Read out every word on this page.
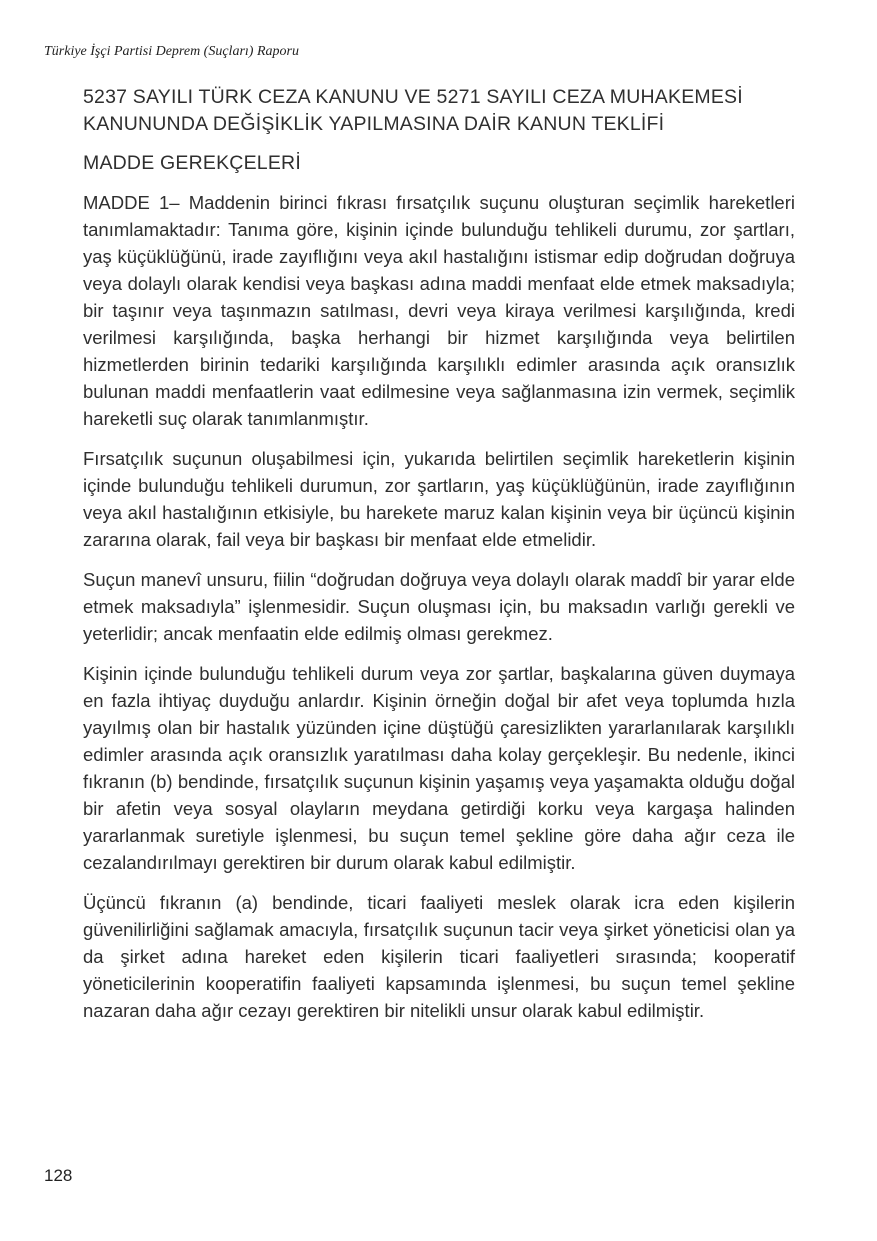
Türkiye İşçi Partisi Deprem (Suçları) Raporu
5237 SAYILI TÜRK CEZA KANUNU VE 5271 SAYILI CEZA MUHAKEMESİ KANUNUNDA DEĞİŞİKLİK YAPILMASINA DAİR KANUN TEKLİFİ
MADDE GEREKÇELERİ

MADDE 1– Maddenin birinci fıkrası fırsatçılık suçunu oluşturan seçimlik hareketleri tanımlamaktadır: Tanıma göre, kişinin içinde bulunduğu tehlikeli durumu, zor şartları, yaş küçüklüğünü, irade zayıflığını veya akıl hastalığını istismar edip doğrudan doğruya veya dolaylı olarak kendisi veya başkası adına maddi menfaat elde etmek maksadıyla; bir taşınır veya taşınmazın satılması, devri veya kiraya verilmesi karşılığında, kredi verilmesi karşılığında, başka herhangi bir hizmet karşılığında veya belirtilen hizmetlerden birinin tedariki karşılığında karşılıklı edimler arasında açık oransızlık bulunan maddi menfaatlerin vaat edilmesine veya sağlanmasına izin vermek, seçimlik hareketli suç olarak tanımlanmıştır.

Fırsatçılık suçunun oluşabilmesi için, yukarıda belirtilen seçimlik hareketlerin kişinin içinde bulunduğu tehlikeli durumun, zor şartların, yaş küçüklüğünün, irade zayıflığının veya akıl hastalığının etkisiyle, bu harekete maruz kalan kişinin veya bir üçüncü kişinin zararına olarak, fail veya bir başkası bir menfaat elde etmelidir.

Suçun manevî unsuru, fiilin “doğrudan doğruya veya dolaylı olarak maddî bir yarar elde etmek maksadıyla” işlenmesidir. Suçun oluşması için, bu maksadın varlığı gerekli ve yeterlidir; ancak menfaatin elde edilmiş olması gerekmez.

Kişinin içinde bulunduğu tehlikeli durum veya zor şartlar, başkalarına güven duymaya en fazla ihtiyaç duyduğu anlardır. Kişinin örneğin doğal bir afet veya toplumda hızla yayılmış olan bir hastalık yüzünden içine düştüğü çaresizlikten yararlanılarak karşılıklı edimler arasında açık oransızlık yaratılması daha kolay gerçekleşir. Bu nedenle, ikinci fıkranın (b) bendinde, fırsatçılık suçunun kişinin yaşamış veya yaşamakta olduğu doğal bir afetin veya sosyal olayların meydana getirdiği korku veya kargaşa halinden yararlanmak suretiyle işlenmesi, bu suçun temel şekline göre daha ağır ceza ile cezalandırılmayı gerektiren bir durum olarak kabul edilmiştir.

Üçüncü fıkranın (a) bendinde, ticari faaliyeti meslek olarak icra eden kişilerin güvenilirliğini sağlamak amacıyla, fırsatçılık suçunun tacir veya şirket yöneticisi olan ya da şirket adına hareket eden kişilerin ticari faaliyetleri sırasında; kooperatif yöneticilerinin kooperatifin faaliyeti kapsamında işlenmesi, bu suçun temel şekline nazaran daha ağır cezayı gerektiren bir nitelikli unsur olarak kabul edilmiştir.

128
